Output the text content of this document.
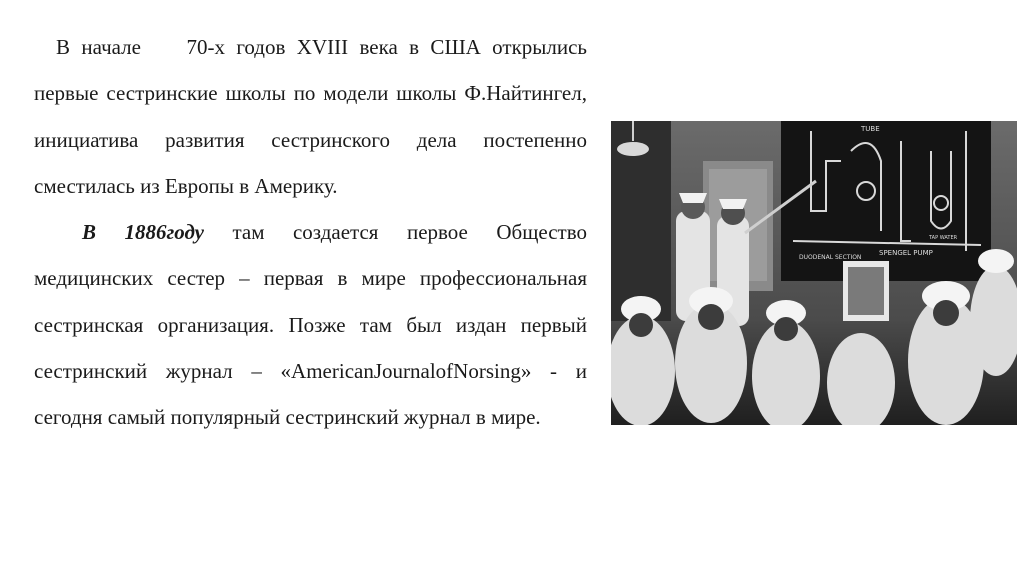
В начале    70-х годов XVIII века в США открылись  первые сестринские школы по модели школы Ф.Найтингел, инициатива развития сестринского дела постепенно сместилась из Европы в Америку.

В 1886году там создается первое Общество медицинских сестер – первая в мире профессиональная сестринская организация. Позже там был издан первый сестринский журнал – «AmericanJournalofNorsing» - и сегодня самый популярный сестринский журнал в мире.

TUBE
DUODENAL SECTION
SPENGEL PUMP
TAP WATER
